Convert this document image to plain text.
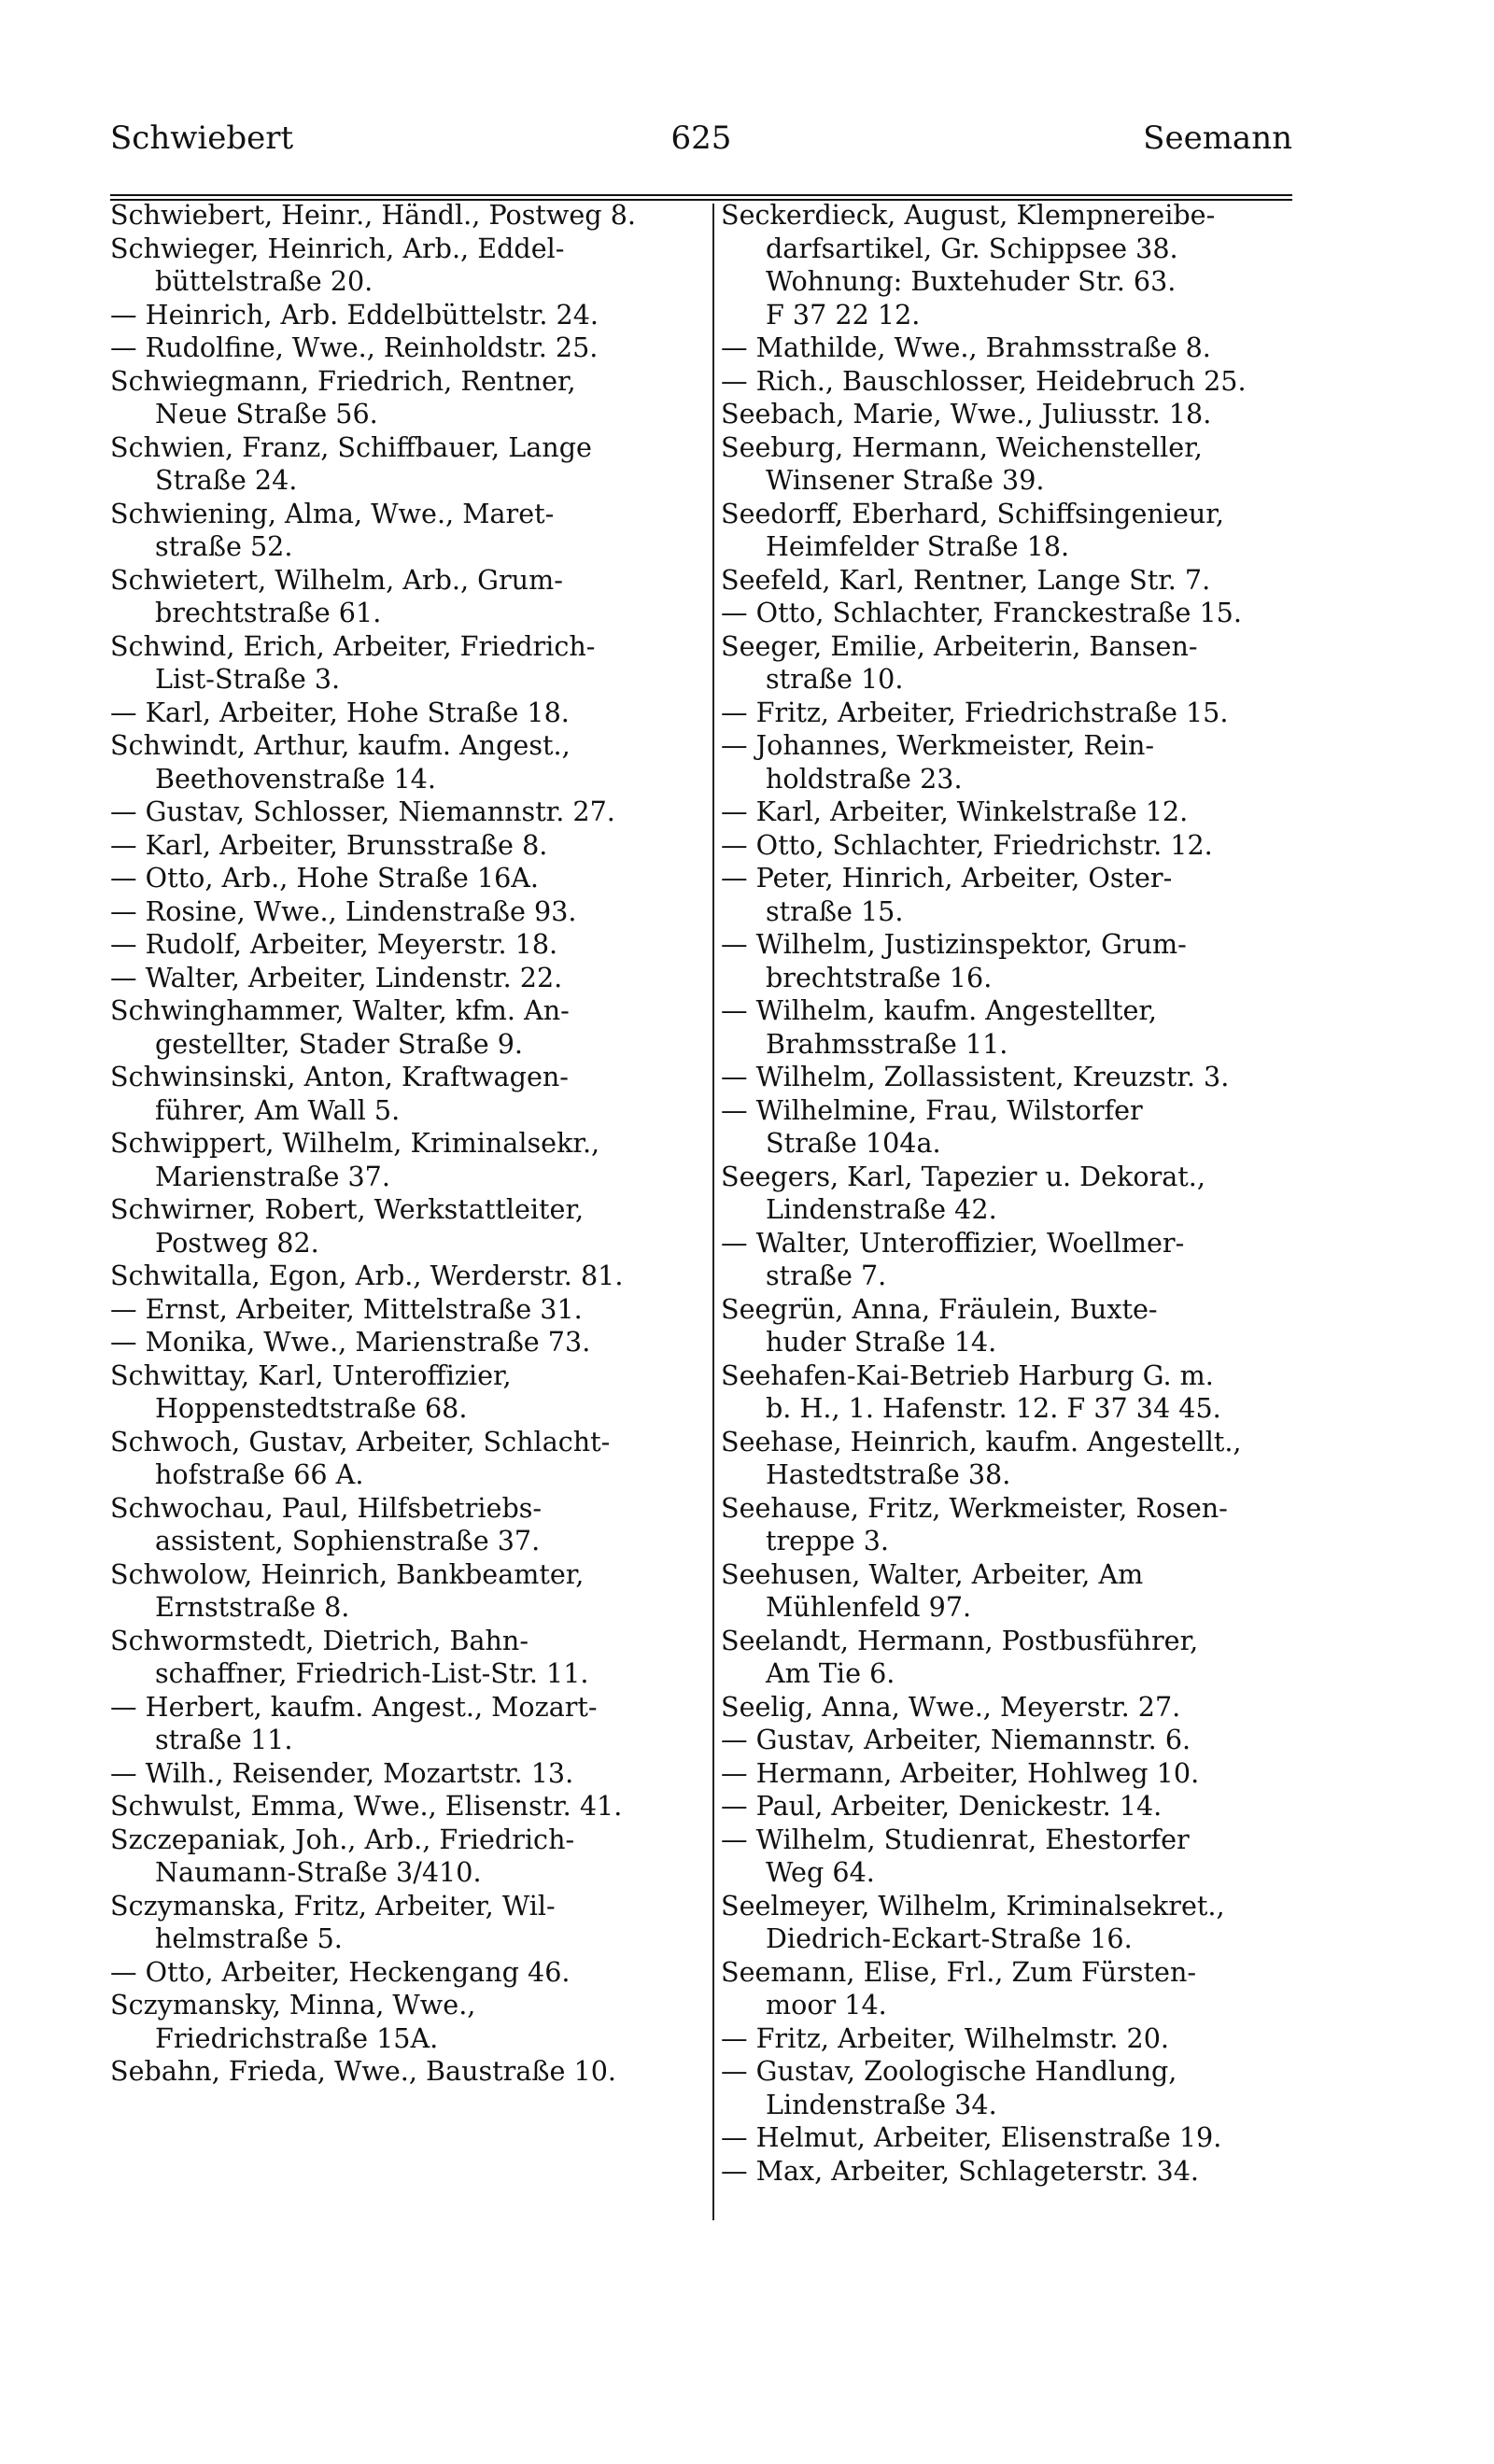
Schwiebert	625	Seemann
Schwiebert, Heinr., Händl., Postweg 8.
Schwieger, Heinrich, Arb., Eddel-
büttelstraße 20.
— Heinrich, Arb. Eddelbüttelstr. 24.
— Rudolfine, Wwe., Reinholdstr. 25.
Schwiegmann, Friedrich, Rentner,
Neue Straße 56.
Schwien, Franz, Schiffbauer, Lange
Straße 24.
Schwiening, Alma, Wwe., Maret-
straße 52.
Schwietert, Wilhelm, Arb., Grum-
brechtstraße 61.
Schwind, Erich, Arbeiter, Friedrich-
List-Straße 3.
— Karl, Arbeiter, Hohe Straße 18.
Schwindt, Arthur, kaufm. Angest.,
Beethovenstraße 14.
— Gustav, Schlosser, Niemannstr. 27.
— Karl, Arbeiter, Brunsstraße 8.
— Otto, Arb., Hohe Straße 16A.
— Rosine, Wwe., Lindenstraße 93.
— Rudolf, Arbeiter, Meyerstr. 18.
— Walter, Arbeiter, Lindenstr. 22.
Schwinghammer, Walter, kfm. An-
gestellter, Stader Straße 9.
Schwinsinski, Anton, Kraftwagen-
führer, Am Wall 5.
Schwippert, Wilhelm, Kriminalsekr.,
Marienstraße 37.
Schwirner, Robert, Werkstattleiter,
Postweg 82.
Schwitalla, Egon, Arb., Werderstr. 81.
— Ernst, Arbeiter, Mittelstraße 31.
— Monika, Wwe., Marienstraße 73.
Schwittay, Karl, Unteroffizier,
Hoppenstedtstraße 68.
Schwoch, Gustav, Arbeiter, Schlacht-
hofstraße 66 A.
Schwochau, Paul, Hilfsbetriebs-
assistent, Sophienstraße 37.
Schwolow, Heinrich, Bankbeamter,
Ernststraße 8.
Schwormstedt, Dietrich, Bahn-
schaffner, Friedrich-List-Str. 11.
— Herbert, kaufm. Angest., Mozart-
straße 11.
— Wilh., Reisender, Mozartstr. 13.
Schwulst, Emma, Wwe., Elisenstr. 41.
Szczepaniak, Joh., Arb., Friedrich-
Naumann-Straße 3/410.
Sczymanska, Fritz, Arbeiter, Wil-
helmstraße 5.
— Otto, Arbeiter, Heckengang 46.
Sczymansky, Minna, Wwe.,
Friedrichstraße 15A.
Sebahn, Frieda, Wwe., Baustraße 10.
Seckerdieck, August, Klempnereibe-
darfsartikel, Gr. Schippsee 38.
Wohnung: Buxtehuder Str. 63.
F 37 22 12.
— Mathilde, Wwe., Brahmsstraße 8.
— Rich., Bauschlosser, Heidebruch 25.
Seebach, Marie, Wwe., Juliusstr. 18.
Seeburg, Hermann, Weichensteller,
Winsener Straße 39.
Seedorff, Eberhard, Schiffsingenieur,
Heimfelder Straße 18.
Seefeld, Karl, Rentner, Lange Str. 7.
— Otto, Schlachter, Franckestraße 15.
Seeger, Emilie, Arbeiterin, Bansen-
straße 10.
— Fritz, Arbeiter, Friedrichstraße 15.
— Johannes, Werkmeister, Rein-
holdstraße 23.
— Karl, Arbeiter, Winkelstraße 12.
— Otto, Schlachter, Friedrichstr. 12.
— Peter, Hinrich, Arbeiter, Oster-
straße 15.
— Wilhelm, Justizinspektor, Grum-
brechtstraße 16.
— Wilhelm, kaufm. Angestellter,
Brahmsstraße 11.
— Wilhelm, Zollassistent, Kreuzstr. 3.
— Wilhelmine, Frau, Wilstorfer
Straße 104a.
Seegers, Karl, Tapezier u. Dekorat.,
Lindenstraße 42.
— Walter, Unteroffizier, Woellmer-
straße 7.
Seegrün, Anna, Fräulein, Buxte-
huder Straße 14.
Seehafen-Kai-Betrieb Harburg G. m.
b. H., 1. Hafenstr. 12. F 37 34 45.
Seehase, Heinrich, kaufm. Angestellt.,
Hastedtstraße 38.
Seehause, Fritz, Werkmeister, Rosen-
treppe 3.
Seehusen, Walter, Arbeiter, Am
Mühlenfeld 97.
Seelandt, Hermann, Postbusführer,
Am Tie 6.
Seelig, Anna, Wwe., Meyerstr. 27.
— Gustav, Arbeiter, Niemannstr. 6.
— Hermann, Arbeiter, Hohlweg 10.
— Paul, Arbeiter, Denickestr. 14.
— Wilhelm, Studienrat, Ehestorfer
Weg 64.
Seelmeyer, Wilhelm, Kriminalsekret.,
Diedrich-Eckart-Straße 16.
Seemann, Elise, Frl., Zum Fürsten-
moor 14.
— Fritz, Arbeiter, Wilhelmstr. 20.
— Gustav, Zoologische Handlung,
Lindenstraße 34.
— Helmut, Arbeiter, Elisenstraße 19.
— Max, Arbeiter, Schlageterstr. 34.
